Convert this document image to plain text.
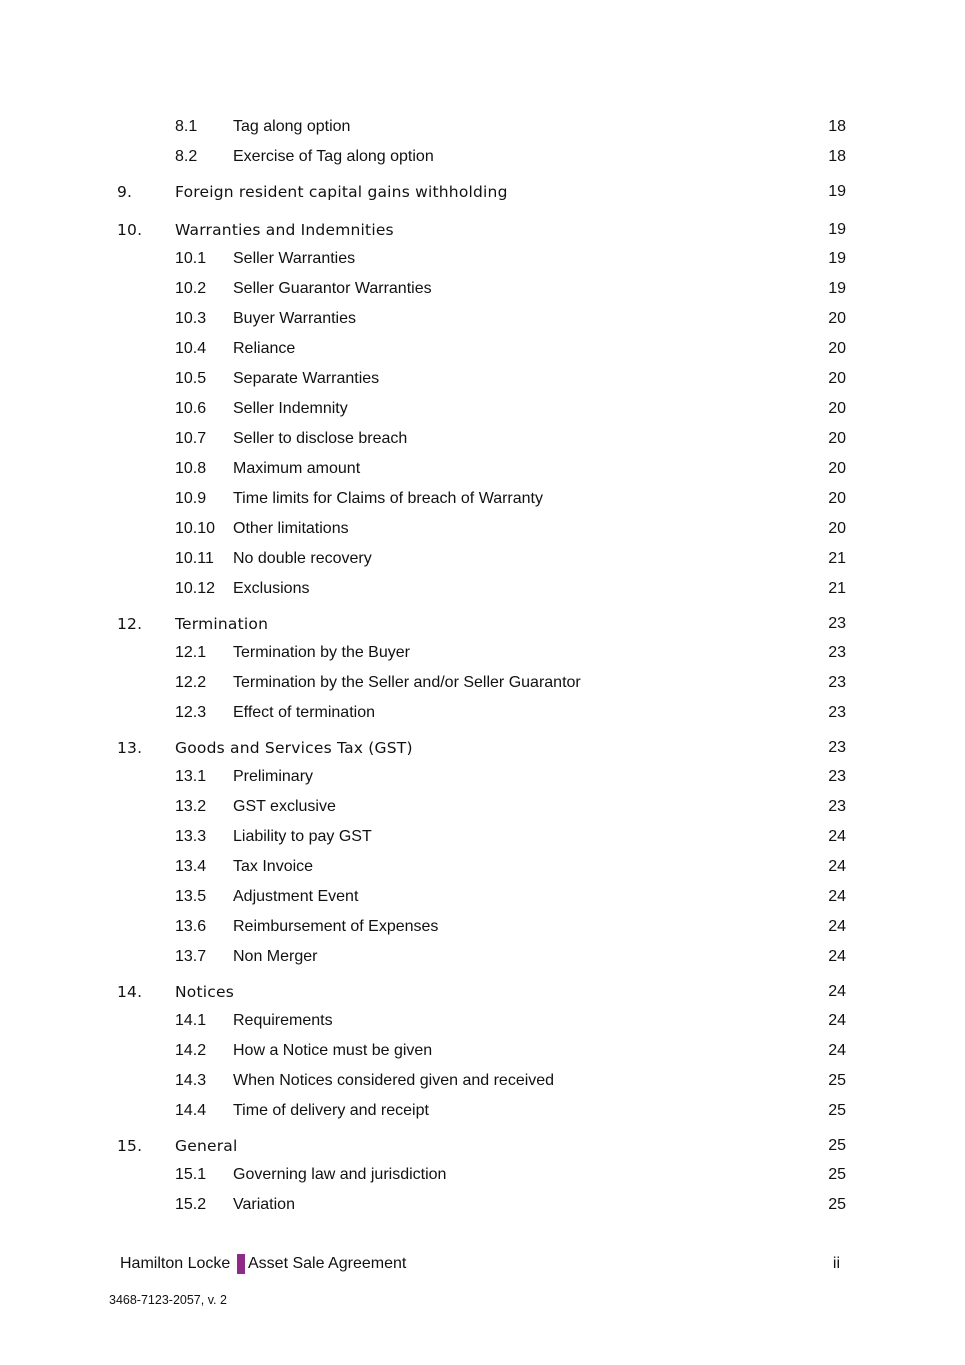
8.1 Tag along option	18
8.2 Exercise of Tag along option	18
9.	Foreign resident capital gains withholding	19
10. Warranties and Indemnities	19
10.1 Seller Warranties	19
10.2 Seller Guarantor Warranties	19
10.3 Buyer Warranties	20
10.4 Reliance	20
10.5 Separate Warranties	20
10.6 Seller Indemnity	20
10.7 Seller to disclose breach	20
10.8 Maximum amount	20
10.9 Time limits for Claims of breach of Warranty	20
10.10 Other limitations	20
10.11 No double recovery	21
10.12 Exclusions	21
12. Termination	23
12.1 Termination by the Buyer	23
12.2 Termination by the Seller and/or Seller Guarantor	23
12.3 Effect of termination	23
13. Goods and Services Tax (GST)	23
13.1 Preliminary	23
13.2 GST exclusive	23
13.3 Liability to pay GST	24
13.4 Tax Invoice	24
13.5 Adjustment Event	24
13.6 Reimbursement of Expenses	24
13.7 Non Merger	24
14. Notices	24
14.1 Requirements	24
14.2 How a Notice must be given	24
14.3 When Notices considered given and received	25
14.4 Time of delivery and receipt	25
15. General	25
15.1 Governing law and jurisdiction	25
15.2 Variation	25
Hamilton Locke Asset Sale Agreement	ii
3468-7123-2057, v. 2
